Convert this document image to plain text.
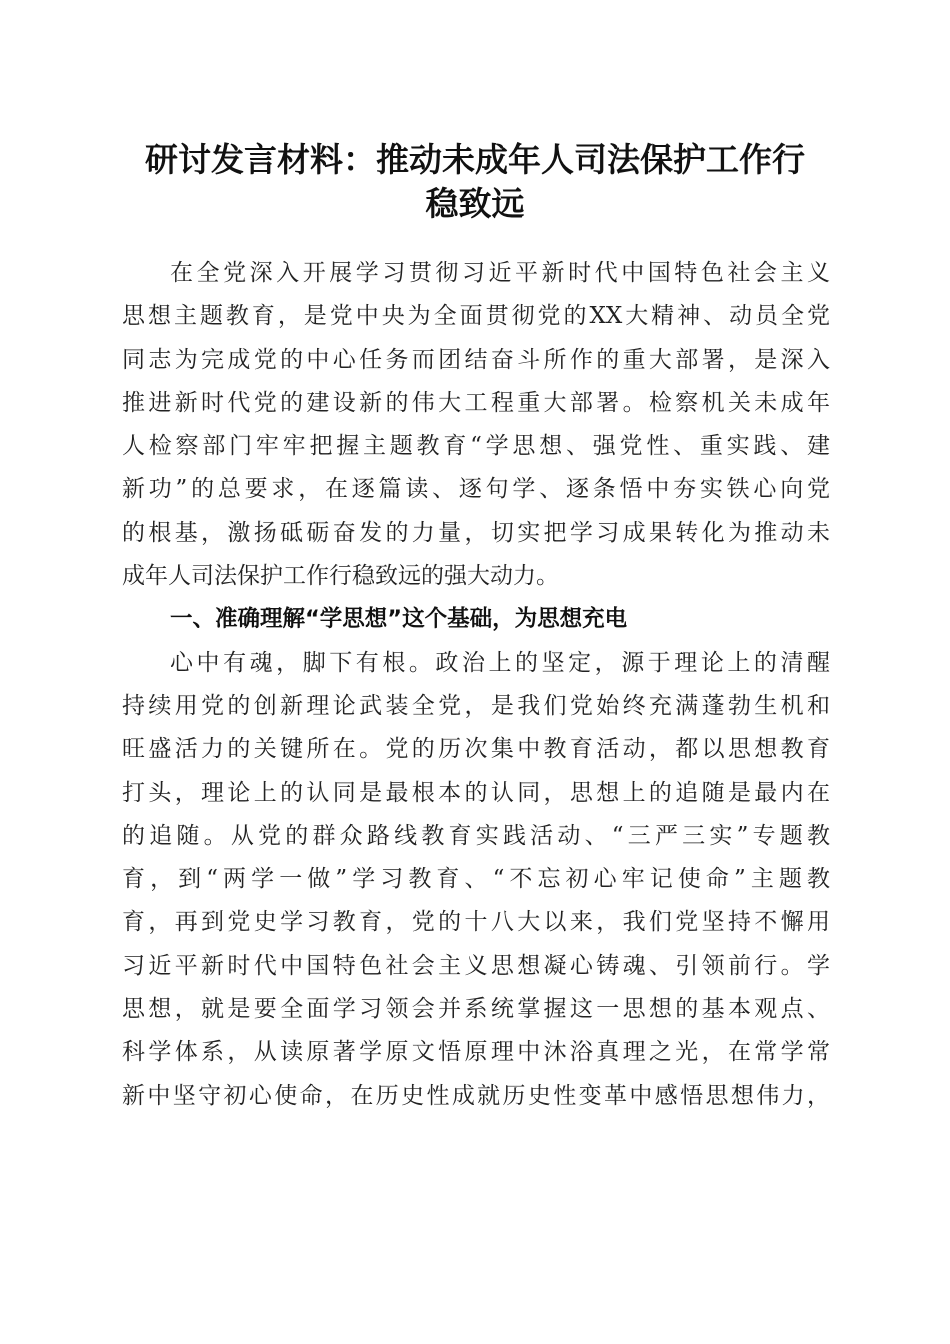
研讨发言材料：推动未成年人司法保护工作行
稳致远
在全党深入开展学习贯彻习近平新时代中国特色社会主义
思想主题教育，是党中央为全面贯彻党的XX大精神、动员全党
同志为完成党的中心任务而团结奋斗所作的重大部署，是深入
推进新时代党的建设新的伟大工程重大部署。检察机关未成年
人检察部门牢牢把握主题教育“学思想、强党性、重实践、建
新功”的总要求，在逐篇读、逐句学、逐条悟中夯实铁心向党
的根基，激扬砥砺奋发的力量，切实把学习成果转化为推动未
成年人司法保护工作行稳致远的强大动力。
一、准确理解“学思想”这个基础，为思想充电
心中有魂，脚下有根。政治上的坚定，源于理论上的清醒
持续用党的创新理论武装全党，是我们党始终充满蓬勃生机和
旺盛活力的关键所在。党的历次集中教育活动，都以思想教育
打头，理论上的认同是最根本的认同，思想上的追随是最内在
的追随。从党的群众路线教育实践活动、“三严三实”专题教
育，到“两学一做”学习教育、“不忘初心牢记使命”主题教
育，再到党史学习教育，党的十八大以来，我们党坚持不懈用
习近平新时代中国特色社会主义思想凝心铸魂、引领前行。学
思想，就是要全面学习领会并系统掌握这一思想的基本观点、
科学体系，从读原著学原文悟原理中沐浴真理之光，在常学常
新中坚守初心使命，在历史性成就历史性变革中感悟思想伟力，
